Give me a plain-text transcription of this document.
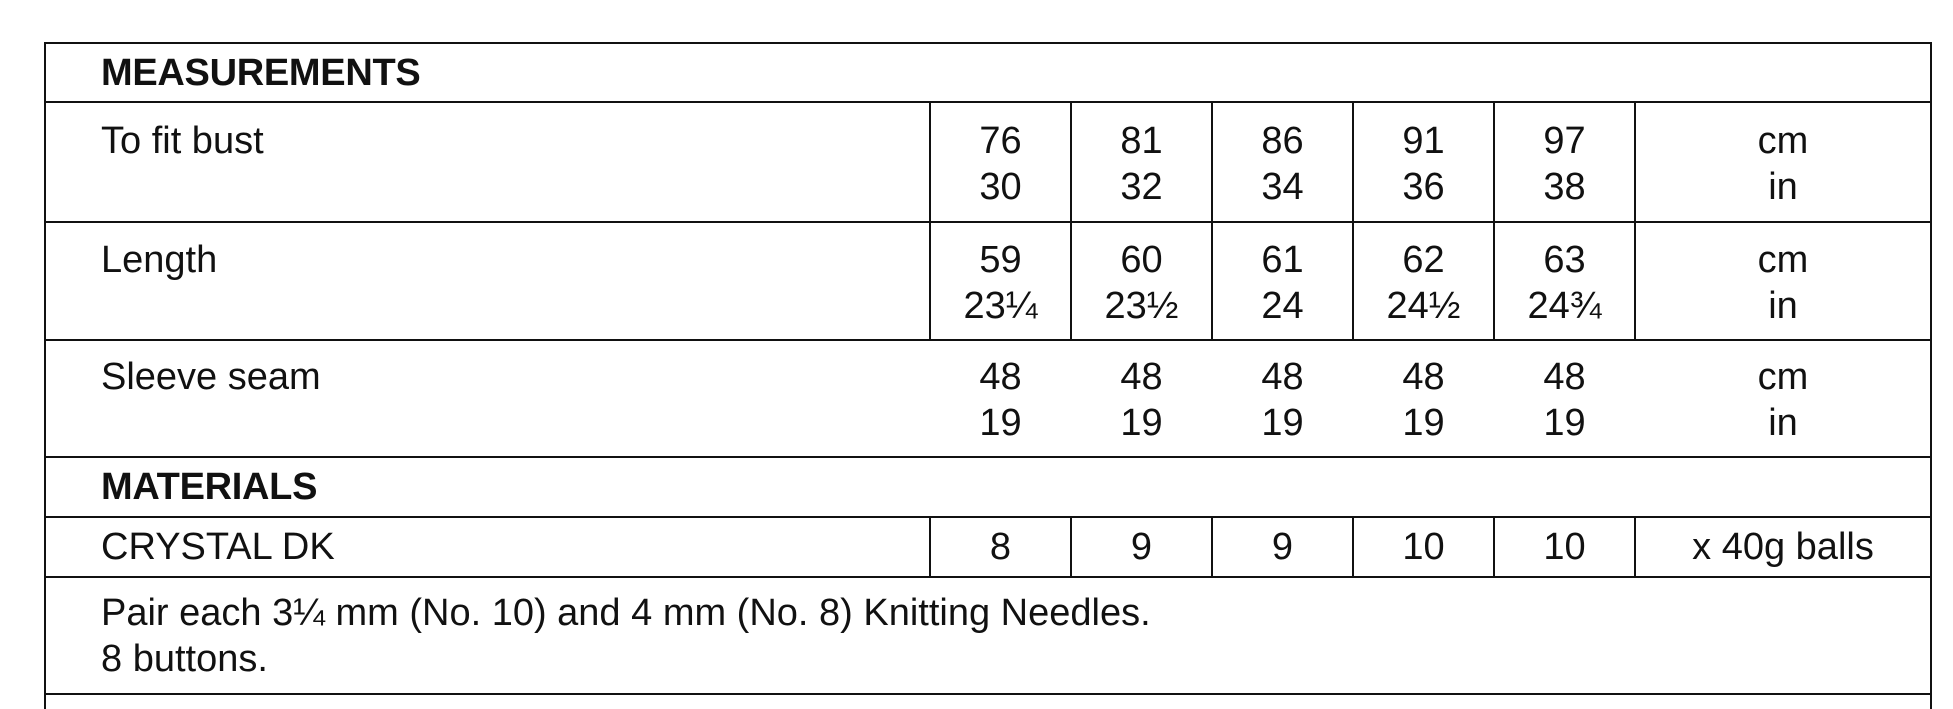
MEASUREMENTS
To fit bust	76	81	86	91	97	cm
30	32	34	36	38	in
Length	59	60	61	62	63	cm
23¼	23½	24	24½	24¾	in
Sleeve seam	48	48	48	48	48	cm
19	19	19	19	19	in
MATERIALS
CRYSTAL DK	8	9	9	10	10	x 40g balls
Pair each 3¼ mm (No. 10) and 4 mm (No. 8) Knitting Needles.
8 buttons.
